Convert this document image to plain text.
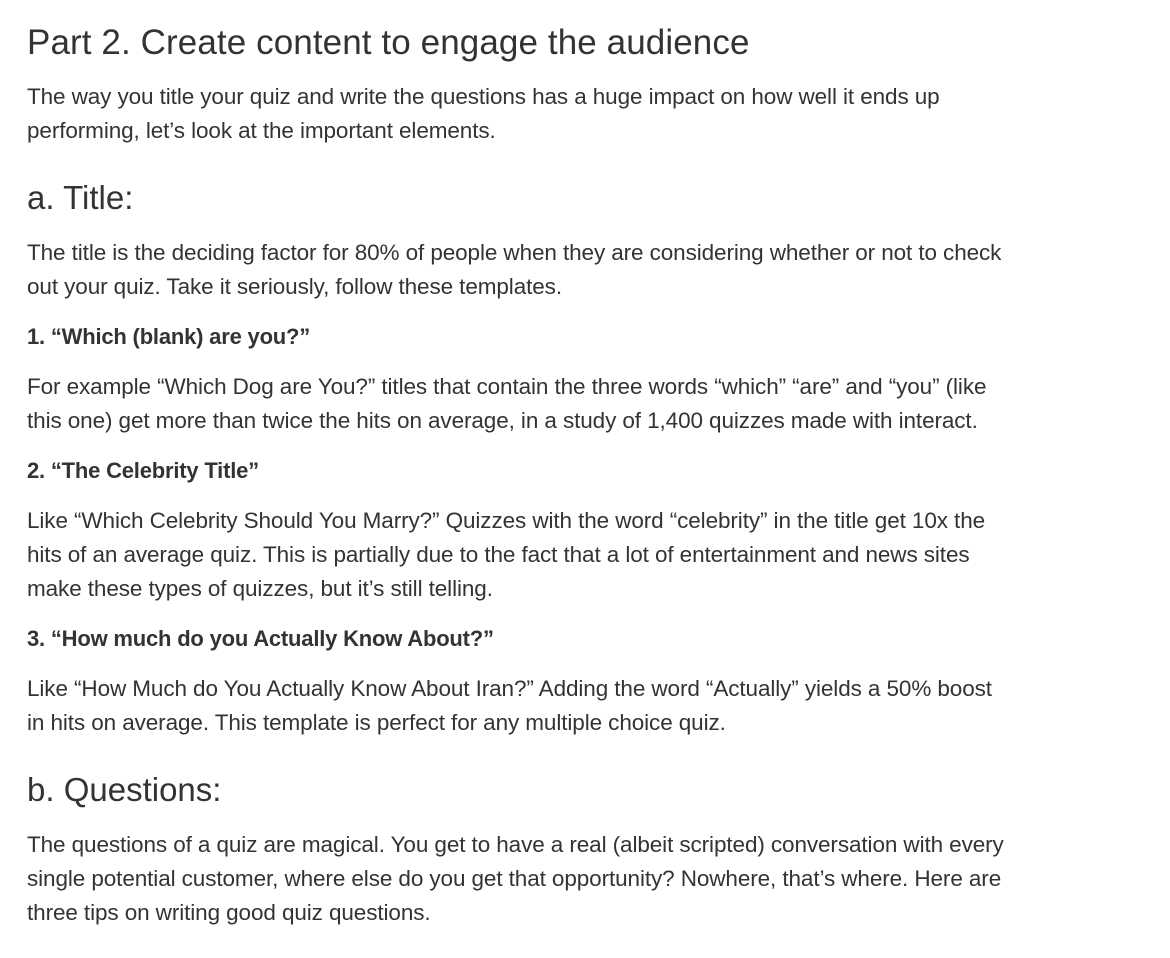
Part 2. Create content to engage the audience

The way you title your quiz and write the questions has a huge impact on how well it ends up
performing, let’s look at the important elements.

a. Title:

The title is the deciding factor for 80% of people when they are considering whether or not to check
out your quiz. Take it seriously, follow these templates.

1. “Which (blank) are you?”

For example “Which Dog are You?” titles that contain the three words “which” “are” and “you” (like
this one) get more than twice the hits on average, in a study of 1,400 quizzes made with interact.

2. “The Celebrity Title”

Like “Which Celebrity Should You Marry?” Quizzes with the word “celebrity” in the title get 10x the
hits of an average quiz. This is partially due to the fact that a lot of entertainment and news sites
make these types of quizzes, but it’s still telling.

3. “How much do you Actually Know About?”

Like “How Much do You Actually Know About Iran?” Adding the word “Actually” yields a 50% boost
in hits on average. This template is perfect for any multiple choice quiz.

b. Questions:

The questions of a quiz are magical. You get to have a real (albeit scripted) conversation with every
single potential customer, where else do you get that opportunity? Nowhere, that’s where. Here are
three tips on writing good quiz questions.
